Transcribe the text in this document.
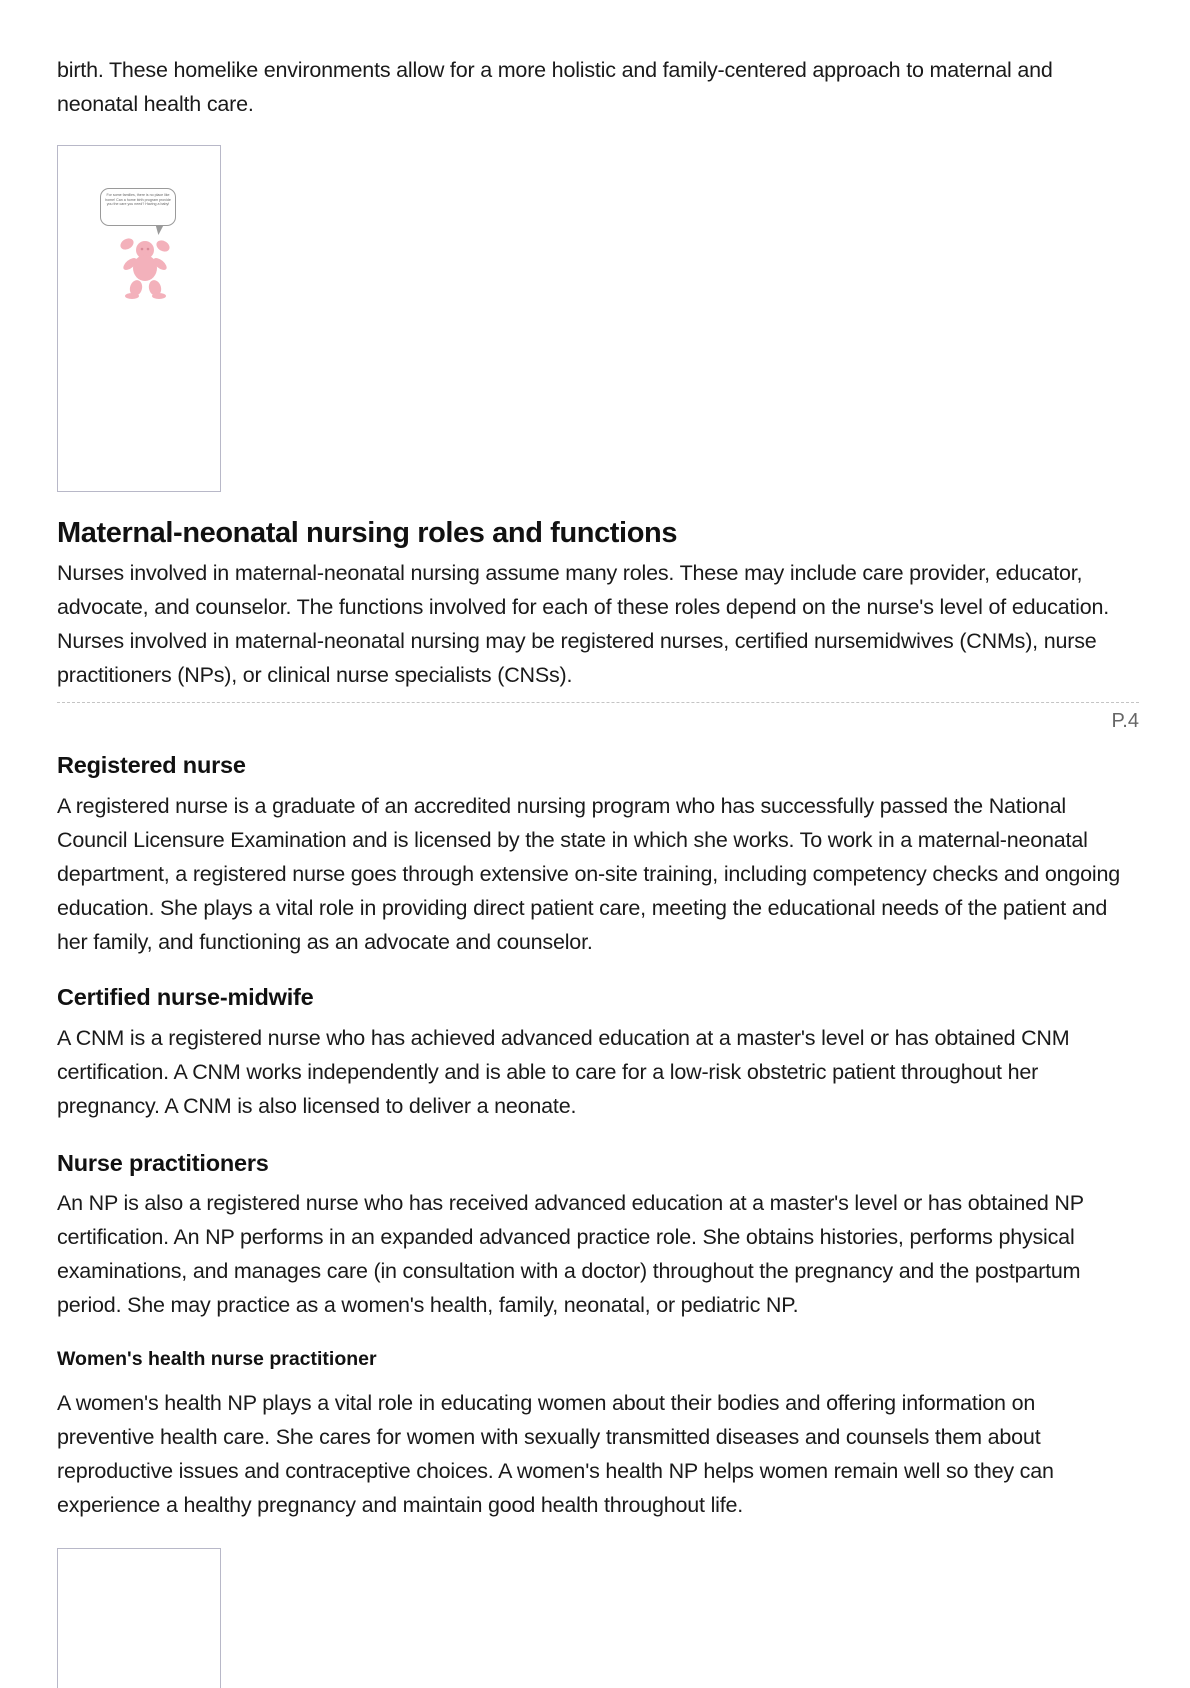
birth. These homelike environments allow for a more holistic and family-centered approach to maternal and neonatal health care.

For some families, there is no place like home! Can a home birth program provide you the care you need? Having a baby!
Maternal-neonatal nursing roles and functions

Nurses involved in maternal-neonatal nursing assume many roles. These may include care provider, educator, advocate, and counselor. The functions involved for each of these roles depend on the nurse's level of education. Nurses involved in maternal-neonatal nursing may be registered nurses, certified nursemidwives (CNMs), nurse practitioners (NPs), or clinical nurse specialists (CNSs).

P.4
Registered nurse

A registered nurse is a graduate of an accredited nursing program who has successfully passed the National Council Licensure Examination and is licensed by the state in which she works. To work in a maternal-neonatal department, a registered nurse goes through extensive on-site training, including competency checks and ongoing education. She plays a vital role in providing direct patient care, meeting the educational needs of the patient and her family, and functioning as an advocate and counselor.

Certified nurse-midwife

A CNM is a registered nurse who has achieved advanced education at a master's level or has obtained CNM certification. A CNM works independently and is able to care for a low-risk obstetric patient throughout her pregnancy. A CNM is also licensed to deliver a neonate.

Nurse practitioners

An NP is also a registered nurse who has received advanced education at a master's level or has obtained NP certification. An NP performs in an expanded advanced practice role. She obtains histories, performs physical examinations, and manages care (in consultation with a doctor) throughout the pregnancy and the postpartum period. She may practice as a women's health, family, neonatal, or pediatric NP.

Women's health nurse practitioner

A women's health NP plays a vital role in educating women about their bodies and offering information on preventive health care. She cares for women with sexually transmitted diseases and counsels them about reproductive issues and contraceptive choices. A women's health NP helps women remain well so they can experience a healthy pregnancy and maintain good health throughout life.
